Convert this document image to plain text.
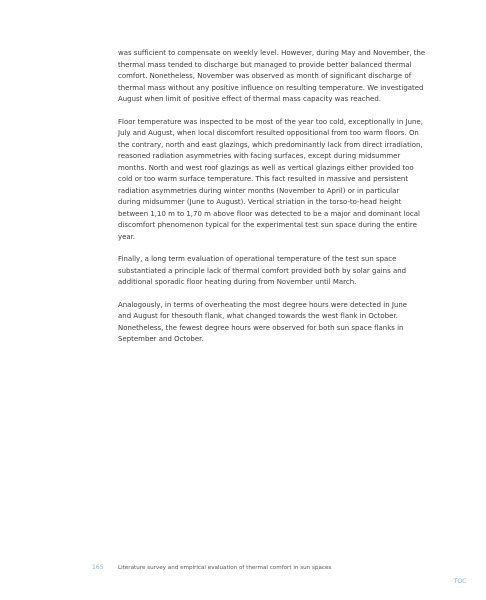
was sufficient to compensate on weekly level. However, during May and November, the
thermal mass tended to discharge but managed to provide better balanced thermal
comfort. Nonetheless, November was observed as month of significant discharge of
thermal mass without any positive influence on resulting temperature. We investigated
August when limit of positive effect of thermal mass capacity was reached.

Floor temperature was inspected to be most of the year too cold, exceptionally in June,
July and August, when local discomfort resulted oppositional from too warm floors. On
the contrary, north and east glazings, which predominantly lack from direct irradiation,
reasoned radiation asymmetries with facing surfaces, except during midsummer
months. North and west roof glazings as well as vertical glazings either provided too
cold or too warm surface temperature. This fact resulted in massive and persistent
radiation asymmetries during winter months (November to April) or in particular
during midsummer (June to August). Vertical striation in the torso-to-head height
between 1,10 m to 1,70 m above floor was detected to be a major and dominant local
discomfort phenomenon typical for the experimental test sun space during the entire
year.

Finally, a long term evaluation of operational temperature of the test sun space
substantiated a principle lack of thermal comfort provided both by solar gains and
additional sporadic floor heating during from November until March.

Analogously, in terms of overheating the most degree hours were detected in June
and August for thesouth flank, what changed towards the west flank in October.
Nonetheless, the fewest degree hours were observed for both sun space flanks in
September and October.

165	Literature survey and empirical evaluation of thermal comfort in sun spaces
TOC
.....
